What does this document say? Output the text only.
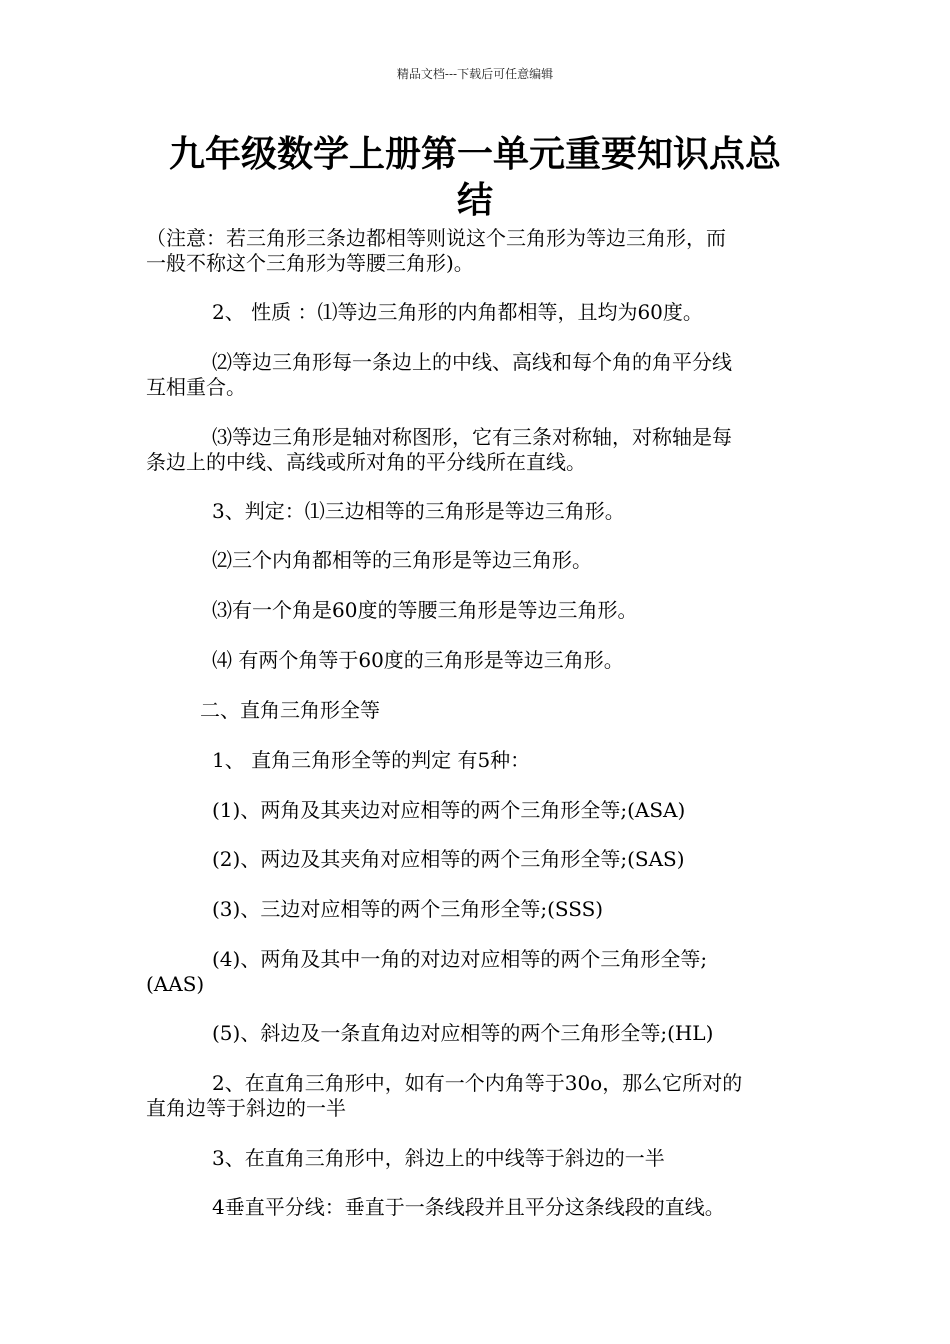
精品文档---下载后可任意编辑
九年级数学上册第一单元重要知识点总
结
（注意：若三角形三条边都相等则说这个三角形为等边三角形，而
一般不称这个三角形为等腰三角形)。
2、 性质 ：⑴等边三角形的内角都相等，且均为60度。
⑵等边三角形每一条边上的中线、高线和每个角的角平分线
互相重合。
⑶等边三角形是轴对称图形，它有三条对称轴，对称轴是每
条边上的中线、高线或所对角的平分线所在直线。
3、判定：⑴三边相等的三角形是等边三角形。
⑵三个内角都相等的三角形是等边三角形。
⑶有一个角是60度的等腰三角形是等边三角形。
⑷ 有两个角等于60度的三角形是等边三角形。
二、直角三角形全等
1、 直角三角形全等的判定 有5种：
(1)、两角及其夹边对应相等的两个三角形全等;(ASA)
(2)、两边及其夹角对应相等的两个三角形全等;(SAS)
(3)、三边对应相等的两个三角形全等;(SSS)
(4)、两角及其中一角的对边对应相等的两个三角形全等;
(AAS)
(5)、斜边及一条直角边对应相等的两个三角形全等;(HL)
2、在直角三角形中，如有一个内角等于30o，那么它所对的
直角边等于斜边的一半
3、在直角三角形中，斜边上的中线等于斜边的一半
4垂直平分线：垂直于一条线段并且平分这条线段的直线。
